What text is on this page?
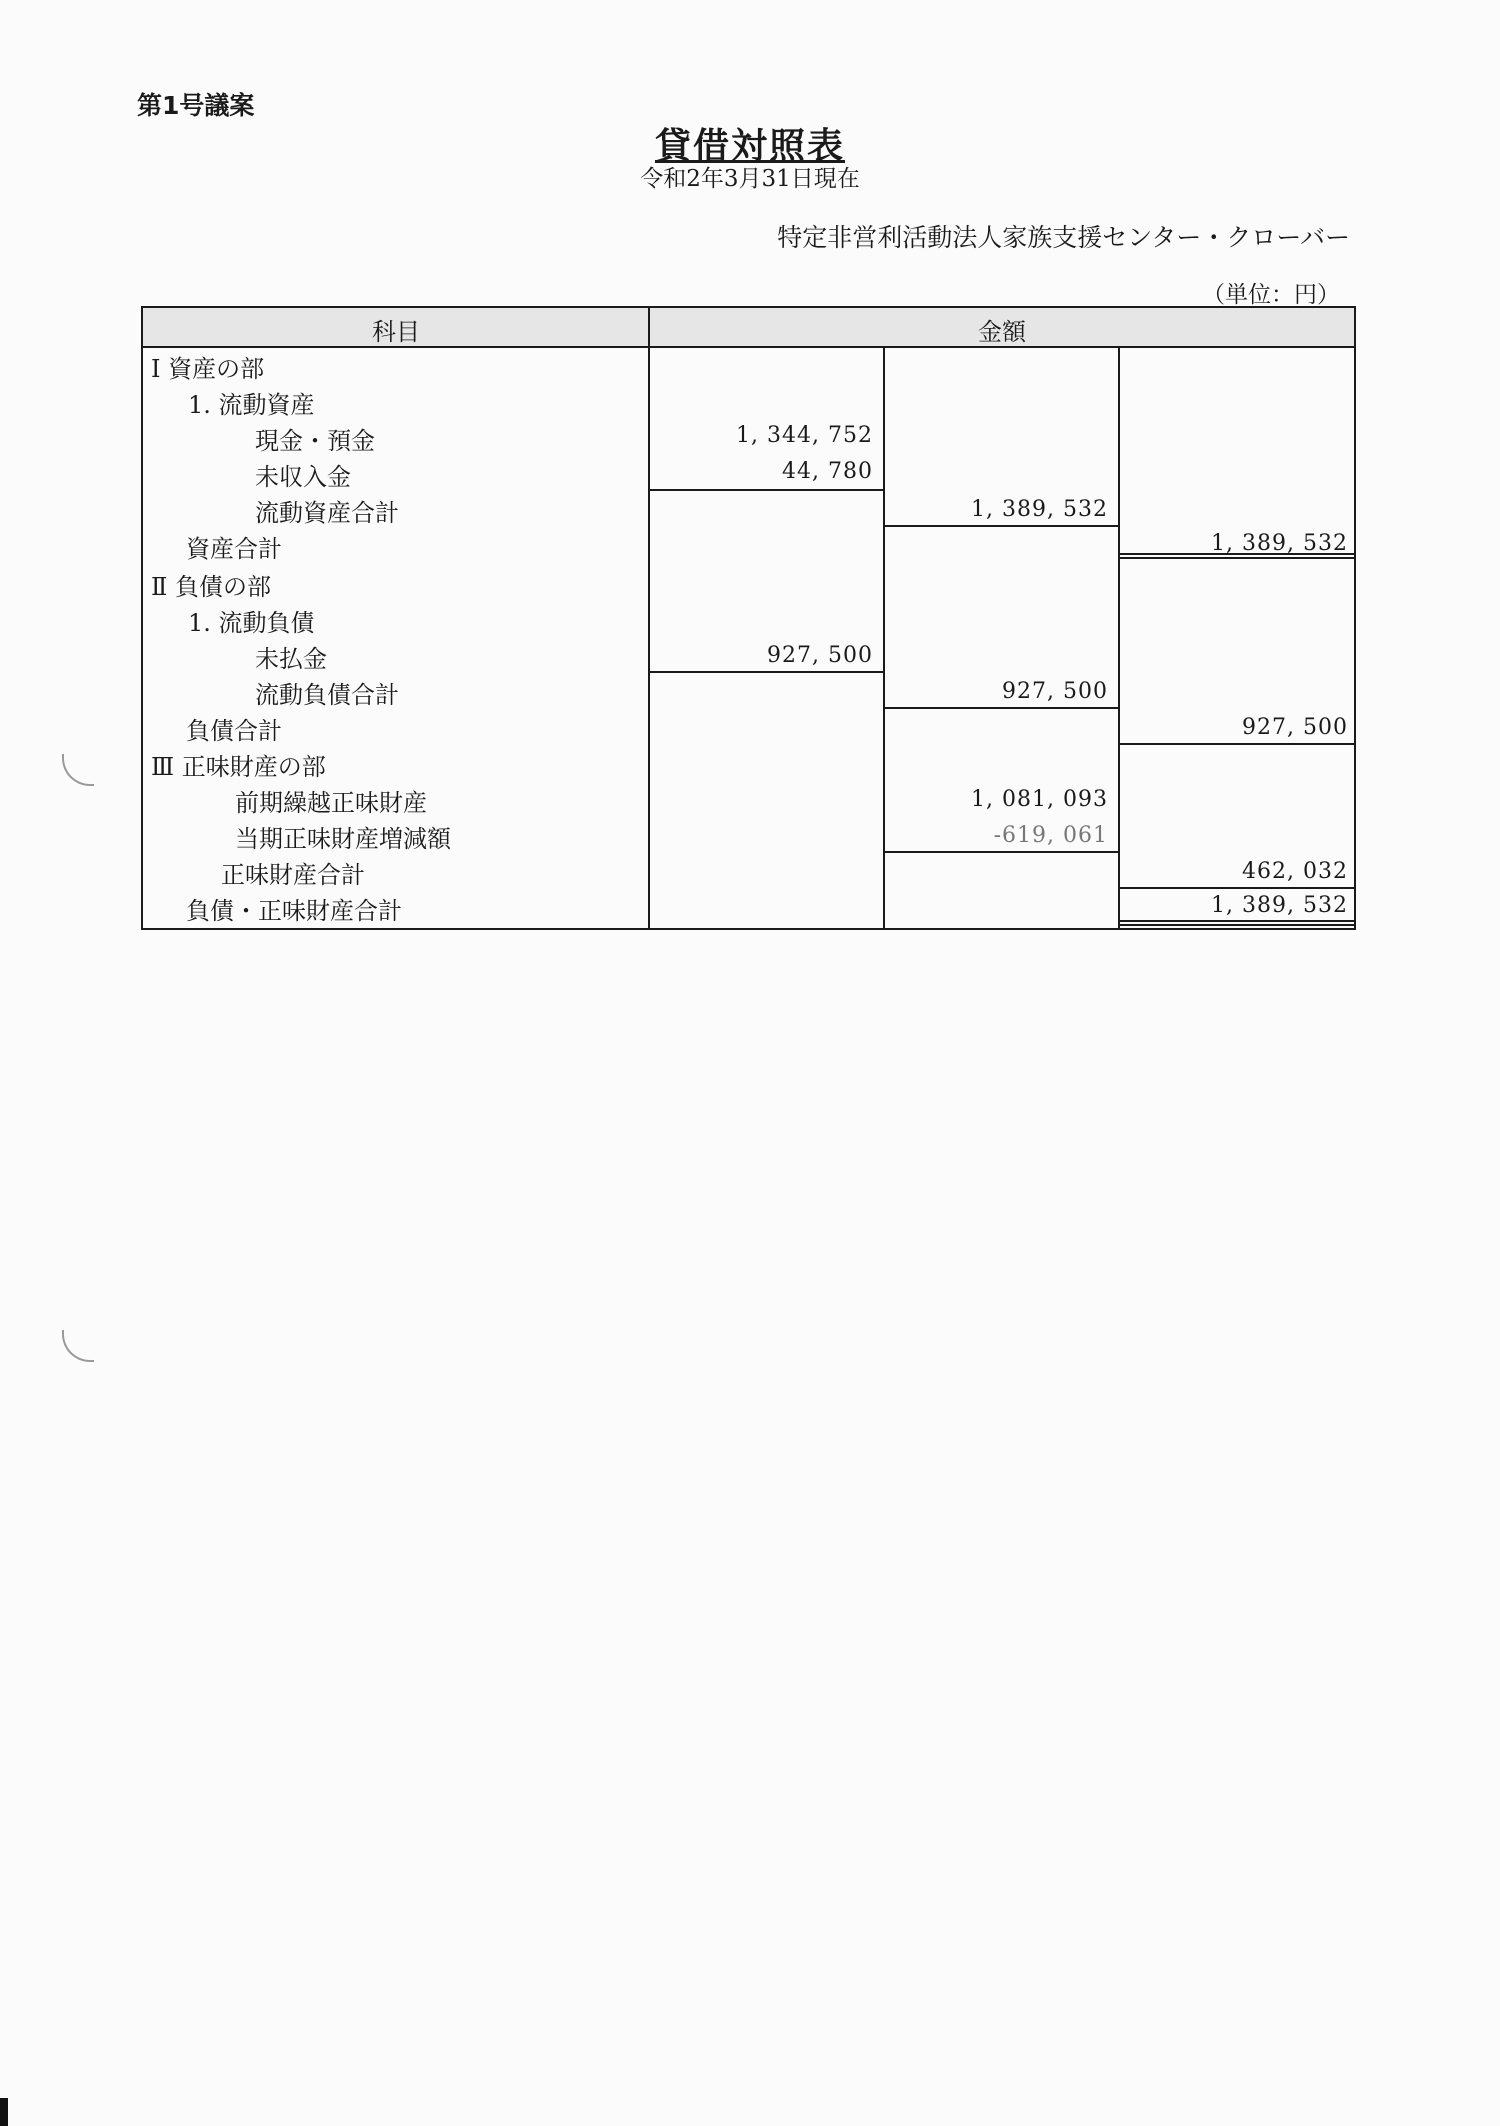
第1号議案
貸借対照表
令和2年3月31日現在
特定非営利活動法人家族支援センター・クローバー
（単位：円）
科目	金額
Ⅰ 資産の部
1. 流動資産
現金・預金
未収入金
流動資産合計
資産合計
Ⅱ 負債の部
1. 流動負債
未払金
流動負債合計
負債合計
Ⅲ 正味財産の部
前期繰越正味財産
当期正味財産増減額
正味財産合計
負債・正味財産合計
1, 344, 752
44, 780
1, 389, 532
1, 389, 532
927, 500
927, 500
927, 500
1, 081, 093
-619, 061
462, 032
1, 389, 532
